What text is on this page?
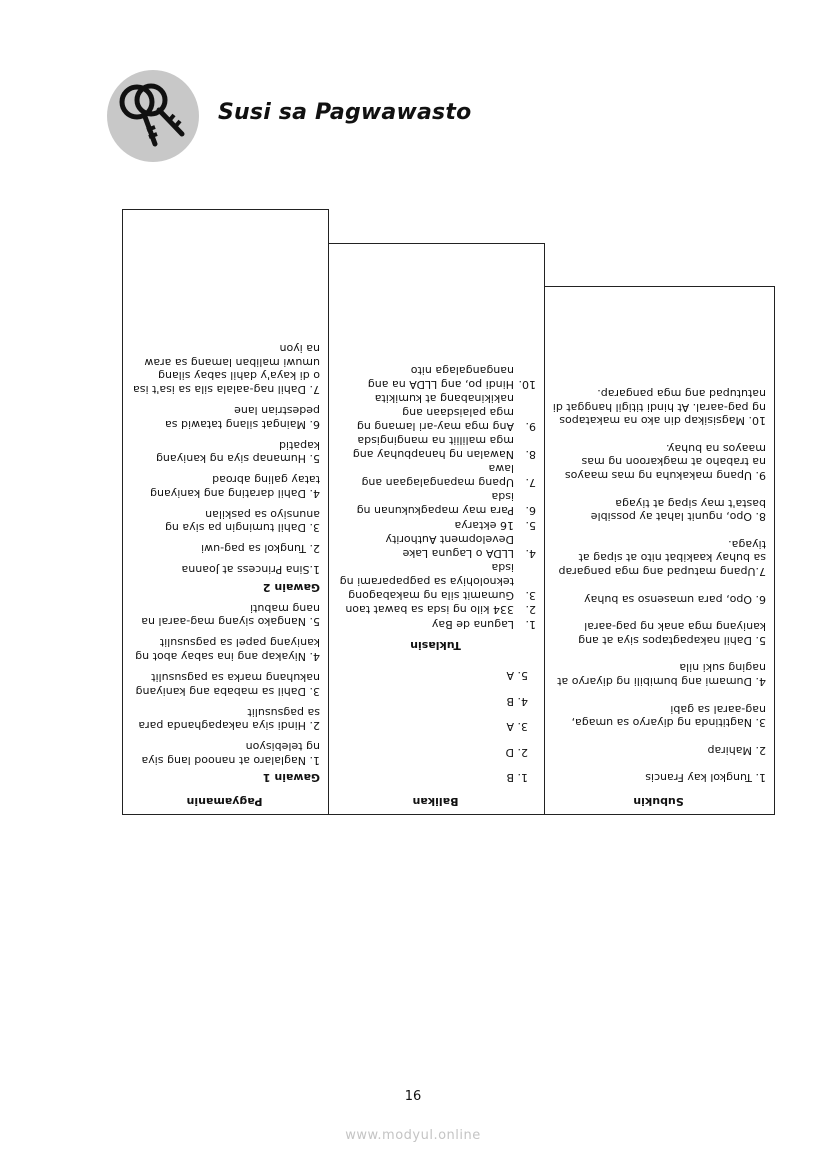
Susi sa Pagwawasto
Subukin
1. Tungkol kay Francis
2. Mahirap
3. Nagtitinda ng diyaryo sa umaga, nag-aaral sa gabi
4. Dumami ang bumibili ng diyaryo at naging suki nila
5. Dahil nakapagtapos siya at ang kaniyang mga anak ng pag-aaral
6. Opo, para umasenso sa buhay
7.Upang matupad ang mga pangarap sa buhay kaakibat nito at sipag at tiyaga.
8. Opo, ngunit lahat ay possible basta't may sipag at tiyaga
9. Upang makakuha ng mas maayos na trabaho at magkaroon ng mas maayos na buhay.
10. Magsisikap din ako na makatapos ng pag-aaral. At hindi titigil hanggat di natutupad ang mga pangarap.
Balikan
1. B
2. D
3. A
4. B
5. A
Tuklasin
1.
Laguna de Bay
2.
334 kilo ng isda sa bawat taon
3.
Gumamit sila ng makabagong teknolohiya sa pagpaparami ng isda
4.
LLDA o Laguna Lake Development Authority
5.
16 ektarya
6.
Para may mapagkukunan ng isda
7.
Upang mapangalagaan ang lawa
8.
Nawalan ng hanapbuhay ang mga maliliit na mangingisda
9.
Ang mga may-ari lamang ng mga palaisdaan ang nakikinabang at kumikita
10.
Hindi po, ang LLDA na ang nangangalaga nito
Pagyamanin
Gawain 1
1. Naglalaro at nanood lang siya ng telebisyon
2. Hindi siya nakapaghanda para sa pagsusulit
3. Dahil sa mababa ang kaniyang nakuhang marka sa pagsusulit
4. Niyakap ang ina sabay abot ng kaniyang papel sa pagsusulit
5. Nangako siyang mag-aaral na nang mabuti
Gawain 2
1.Sina Princess at Joanna
2. Tungkol sa pag-uwi
3. Dahil tumingin pa siya ng anunsiyo sa paskilan
4. Dahil darating ang kaniyang tatay galing abroad
5. Humanap siya ng kaniyang kapatid
6. Maingat silang tatawid sa pedestrian lane
7. Dahil nag-aalala sila sa isa't isa o di kaya'y dahil sabay silang umuwi maliban lamang sa araw na iyon

16

www.modyul.online
